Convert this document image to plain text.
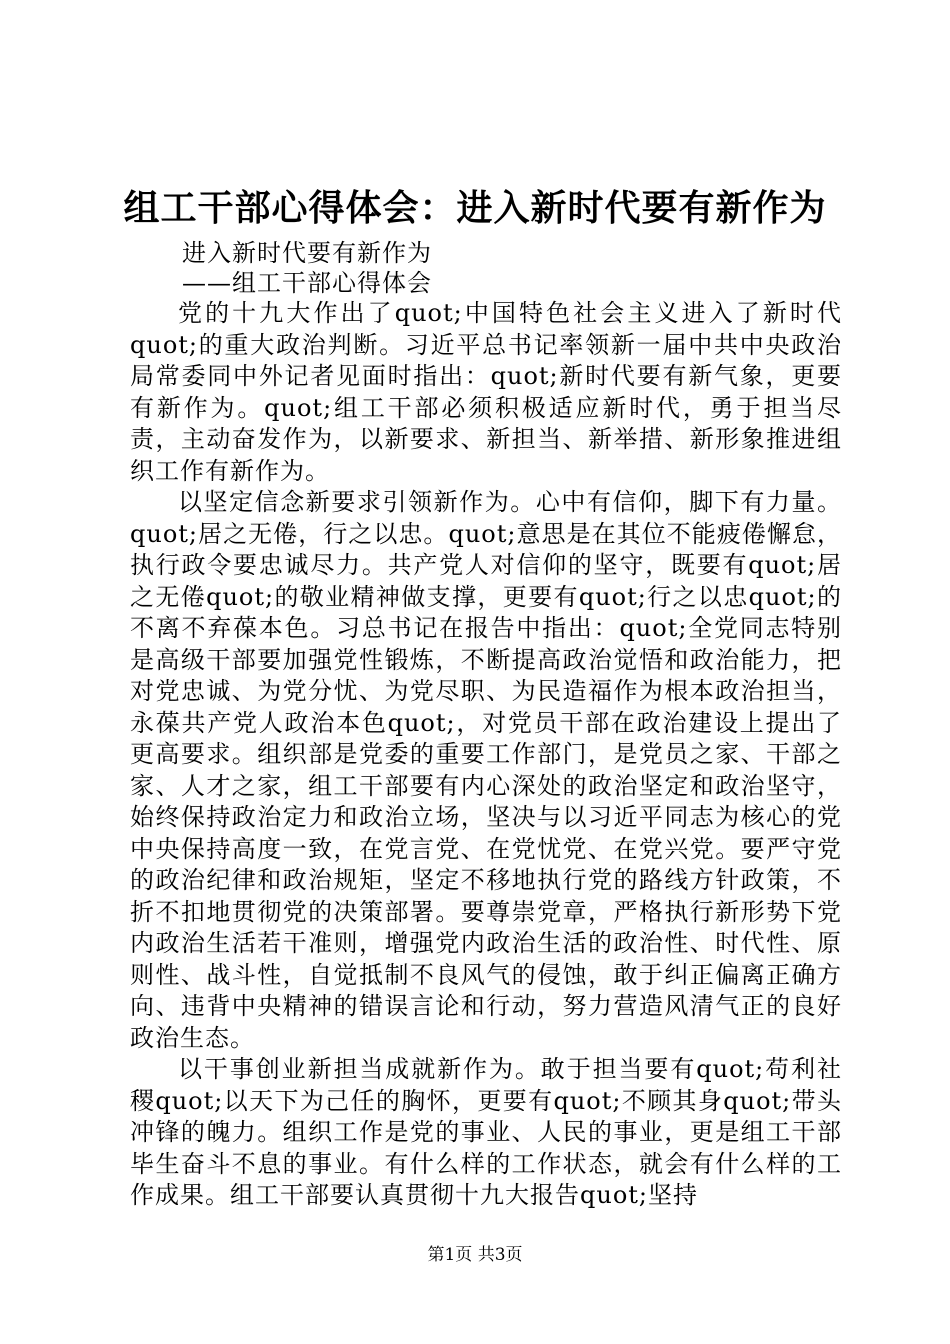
组工干部心得体会：进入新时代要有新作为
进入新时代要有新作为
——组工干部心得体会

党的十九大作出了quot;中国特色社会主义进入了新时代quot;的重大政治判断。习近平总书记率领新一届中共中央政治局常委同中外记者见面时指出：quot;新时代要有新气象，更要有新作为。quot;组工干部必须积极适应新时代，勇于担当尽责，主动奋发作为，以新要求、新担当、新举措、新形象推进组织工作有新作为。

以坚定信念新要求引领新作为。心中有信仰，脚下有力量。quot;居之无倦，行之以忠。quot;意思是在其位不能疲倦懈怠，执行政令要忠诚尽力。共产党人对信仰的坚守，既要有quot;居之无倦quot;的敬业精神做支撑，更要有quot;行之以忠quot;的不离不弃葆本色。习总书记在报告中指出：quot;全党同志特别是高级干部要加强党性锻炼，不断提高政治觉悟和政治能力，把对党忠诚、为党分忧、为党尽职、为民造福作为根本政治担当，永葆共产党人政治本色quot;，对党员干部在政治建设上提出了更高要求。组织部是党委的重要工作部门，是党员之家、干部之家、人才之家，组工干部要有内心深处的政治坚定和政治坚守，始终保持政治定力和政治立场，坚决与以习近平同志为核心的党中央保持高度一致，在党言党、在党忧党、在党兴党。要严守党的政治纪律和政治规矩，坚定不移地执行党的路线方针政策，不折不扣地贯彻党的决策部署。要尊崇党章，严格执行新形势下党内政治生活若干准则，增强党内政治生活的政治性、时代性、原则性、战斗性，自觉抵制不良风气的侵蚀，敢于纠正偏离正确方向、违背中央精神的错误言论和行动，努力营造风清气正的良好政治生态。

以干事创业新担当成就新作为。敢于担当要有quot;苟利社稷quot;以天下为己任的胸怀，更要有quot;不顾其身quot;带头冲锋的魄力。组织工作是党的事业、人民的事业，更是组工干部毕生奋斗不息的事业。有什么样的工作状态，就会有什么样的工作成果。组工干部要认真贯彻十九大报告quot;坚持

第1页 共3页
